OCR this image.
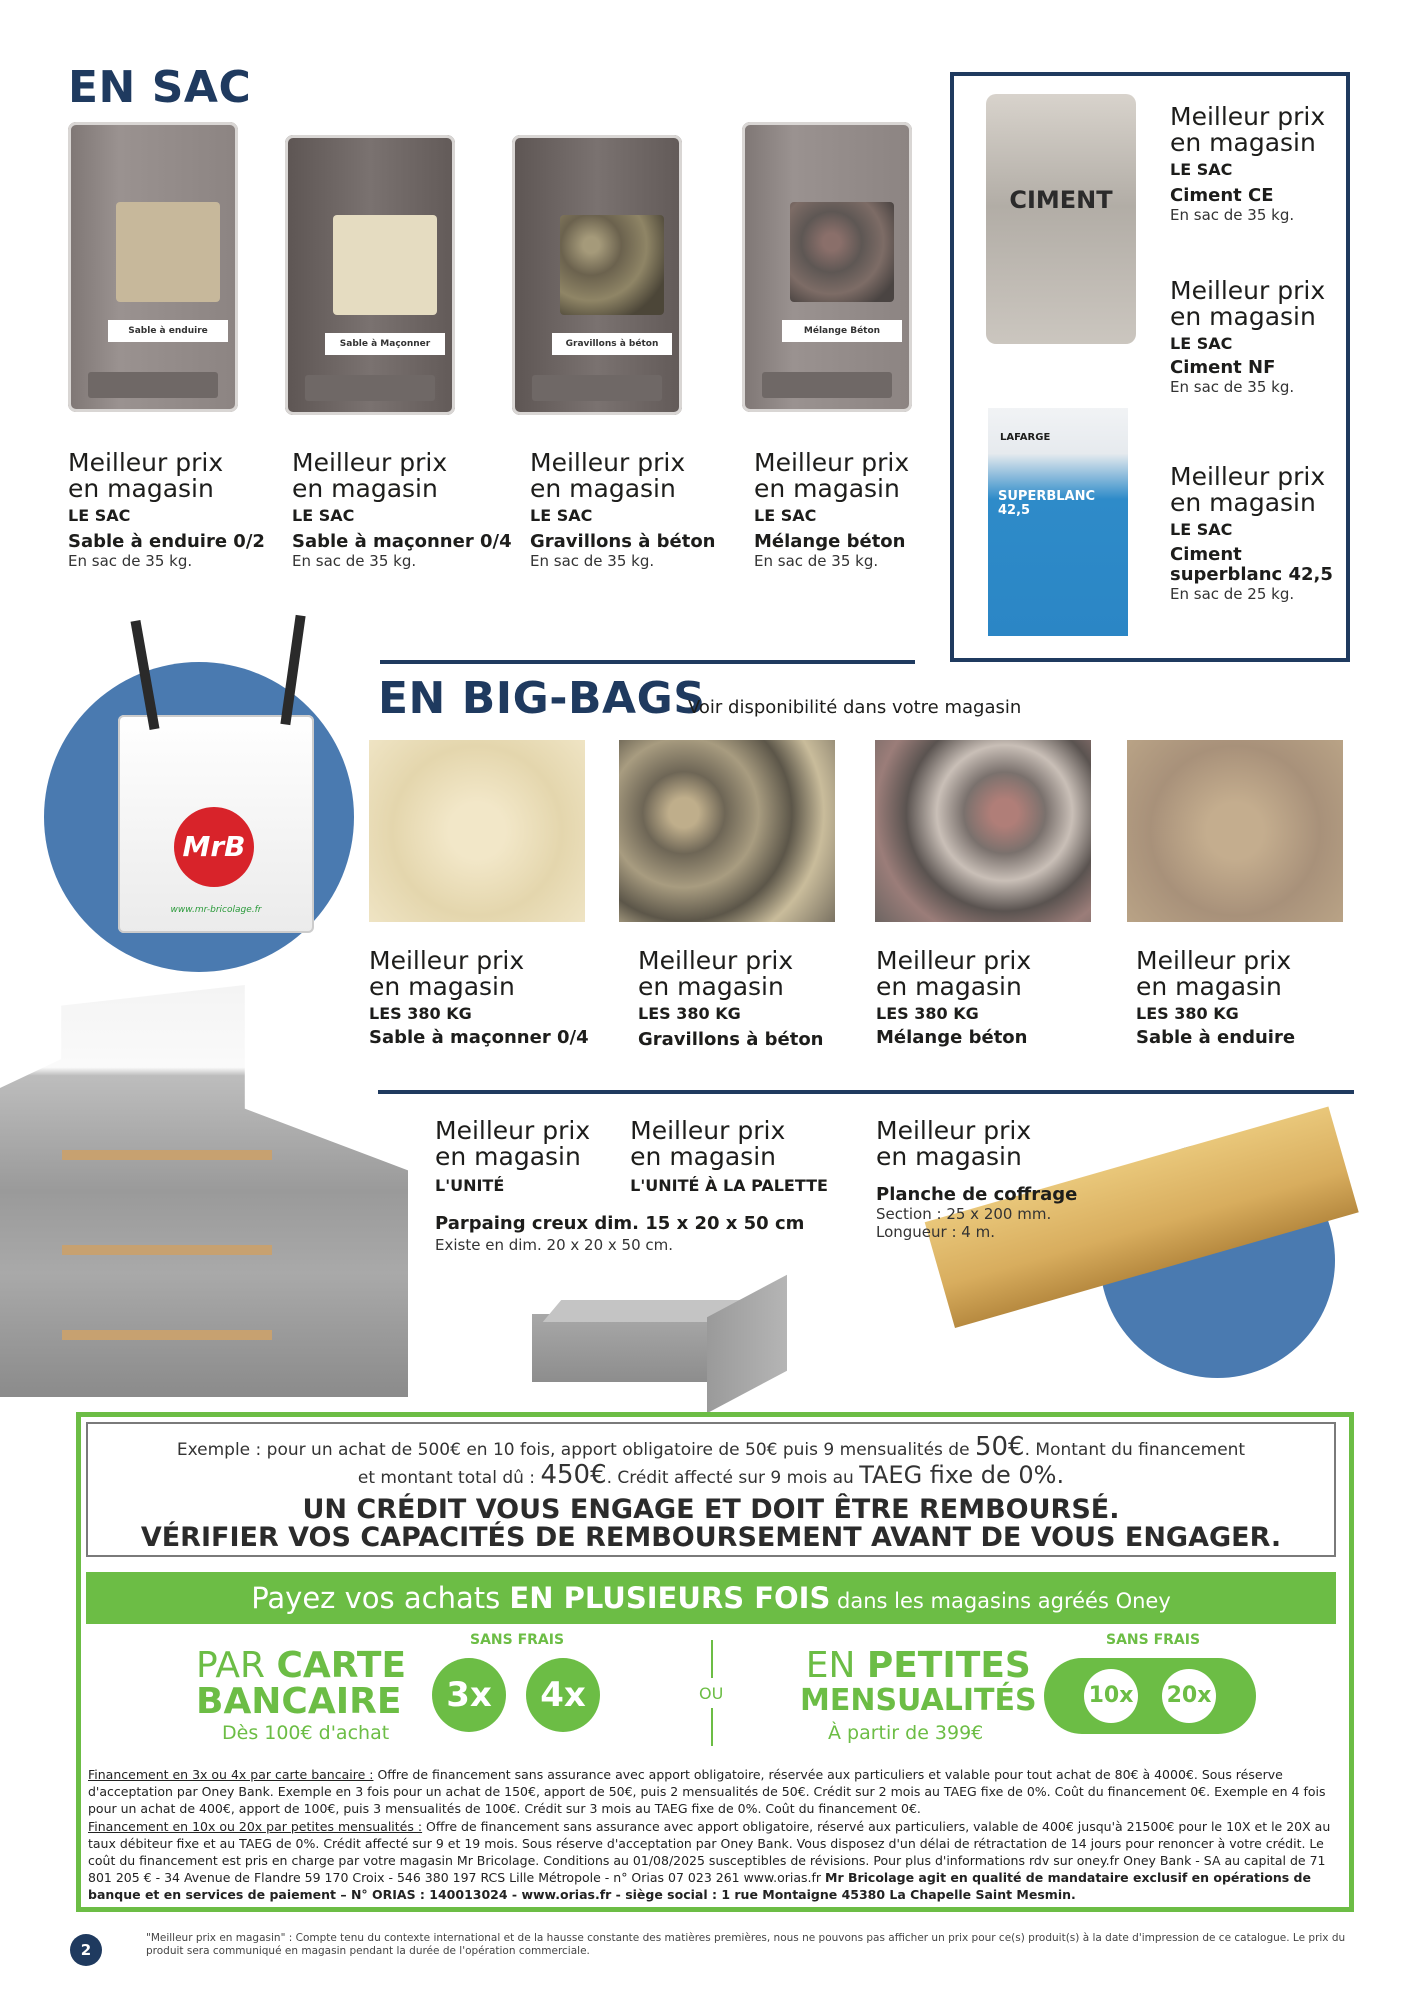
EN SAC
Sable à enduire
Sable à Maçonner	Gravillons à béton
Mélange Béton
Meilleur prix
en magasin
LE SAC
Sable à enduire 0/2
En sac de 35 kg.
Meilleur prix
en magasin
LE SAC
Sable à maçonner 0/4
En sac de 35 kg.
Meilleur prix
en magasin
LE SAC
Gravillons à béton
En sac de 35 kg.
Meilleur prix
en magasin
LE SAC
Mélange béton
En sac de 35 kg.
CIMENT
LAFARGE
SUPERBLANC 42,5
Meilleur prix
en magasin
LE SAC
Ciment CE
En sac de 35 kg.
Meilleur prix
en magasin
LE SAC
Ciment NF
En sac de 35 kg.
Meilleur prix
en magasin
LE SAC
Ciment
superblanc 42,5
En sac de 25 kg.
MrB
www.mr-bricolage.fr
EN BIG-BAGS
Voir disponibilité dans votre magasin
Meilleur prix
en magasin
LES 380 KG
Sable à maçonner 0/4
Meilleur prix
en magasin
LES 380 KG
Gravillons à béton
Meilleur prix
en magasin
LES 380 KG
Mélange béton
Meilleur prix
en magasin
LES 380 KG
Sable à enduire
Meilleur prix
en magasin
L'UNITÉ
Meilleur prix
en magasin
L'UNITÉ À LA PALETTE
Parpaing creux dim. 15 x 20 x 50 cm
Existe en dim. 20 x 20 x 50 cm.
Meilleur prix
en magasin
Planche de coffrage
Section : 25 x 200 mm.
Longueur : 4 m.
Exemple : pour un achat de 500€ en 10 fois, apport obligatoire de 50€ puis 9 mensualités de 50€. Montant du financement
et montant total dû : 450€. Crédit affecté sur 9 mois au TAEG fixe de 0%.
UN CRÉDIT VOUS ENGAGE ET DOIT ÊTRE REMBOURSÉ.
VÉRIFIER VOS CAPACITÉS DE REMBOURSEMENT AVANT DE VOUS ENGAGER.
Payez vos achats EN PLUSIEURS FOIS dans les magasins agréés Oney
PAR CARTE
BANCAIRE
Dès 100€ d'achat
SANS FRAIS
3x	4x	OU
EN PETITES
MENSUALITÉS
À partir de 399€
SANS FRAIS
10x 20x
Financement en 3x ou 4x par carte bancaire : Offre de financement sans assurance avec apport obligatoire, réservée aux particuliers et valable pour tout achat de 80€ à 4000€. Sous réserve d'acceptation par Oney Bank. Exemple en 3 fois pour un achat de 150€, apport de 50€, puis 2 mensualités de 50€. Crédit sur 2 mois au TAEG fixe de 0%. Coût du financement 0€. Exemple en 4 fois pour un achat de 400€, apport de 100€, puis 3 mensualités de 100€. Crédit sur 3 mois au TAEG fixe de 0%. Coût du financement 0€.
Financement en 10x ou 20x par petites mensualités : Offre de financement sans assurance avec apport obligatoire, réservé aux particuliers, valable de 400€ jusqu'à 21500€ pour le 10X et le 20X au taux débiteur fixe et au TAEG de 0%. Crédit affecté sur 9 et 19 mois. Sous réserve d'acceptation par Oney Bank. Vous disposez d'un délai de rétractation de 14 jours pour renoncer à votre crédit. Le coût du financement est pris en charge par votre magasin Mr Bricolage. Conditions au 01/08/2025 susceptibles de révisions. Pour plus d'informations rdv sur oney.fr Oney Bank - SA au capital de 71 801 205 € - 34 Avenue de Flandre 59 170 Croix - 546 380 197 RCS Lille Métropole - n° Orias 07 023 261 www.orias.fr Mr Bricolage agit en qualité de mandataire exclusif en opérations de banque et en services de paiement – N° ORIAS : 140013024 - www.orias.fr - siège social : 1 rue Montaigne 45380 La Chapelle Saint Mesmin.
2
"Meilleur prix en magasin" : Compte tenu du contexte international et de la hausse constante des matières premières, nous ne pouvons pas afficher un prix pour ce(s) produit(s) à la date d'impression de ce catalogue. Le prix du produit sera communiqué en magasin pendant la durée de l'opération commerciale.
